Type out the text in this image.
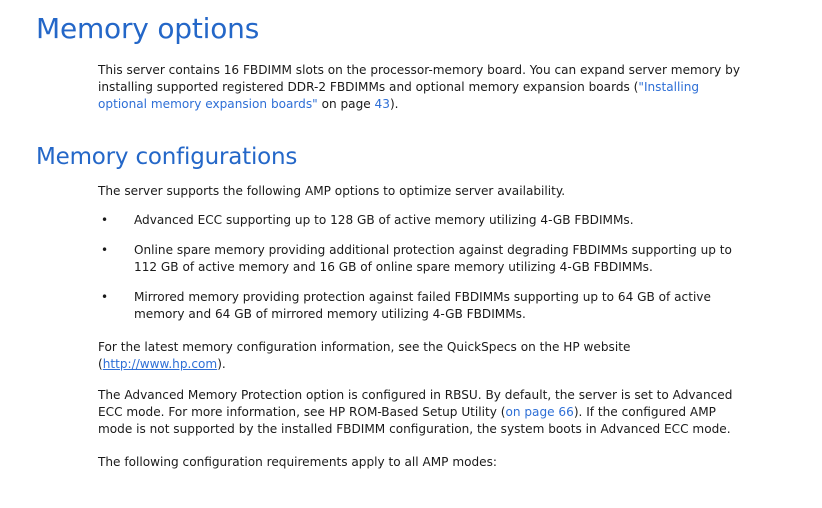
Memory options

This server contains 16 FBDIMM slots on the processor-memory board. You can expand server memory by
installing supported registered DDR-2 FBDIMMs and optional memory expansion boards ("Installing
optional memory expansion boards" on page 43).

Memory configurations

The server supports the following AMP options to optimize server availability.

• Advanced ECC supporting up to 128 GB of active memory utilizing 4-GB FBDIMMs.
• Online spare memory providing additional protection against degrading FBDIMMs supporting up to
112 GB of active memory and 16 GB of online spare memory utilizing 4-GB FBDIMMs.
• Mirrored memory providing protection against failed FBDIMMs supporting up to 64 GB of active
memory and 64 GB of mirrored memory utilizing 4-GB FBDIMMs.

For the latest memory configuration information, see the QuickSpecs on the HP website
(http://www.hp.com).

The Advanced Memory Protection option is configured in RBSU. By default, the server is set to Advanced
ECC mode. For more information, see HP ROM-Based Setup Utility (on page 66). If the configured AMP
mode is not supported by the installed FBDIMM configuration, the system boots in Advanced ECC mode.

The following configuration requirements apply to all AMP modes:
